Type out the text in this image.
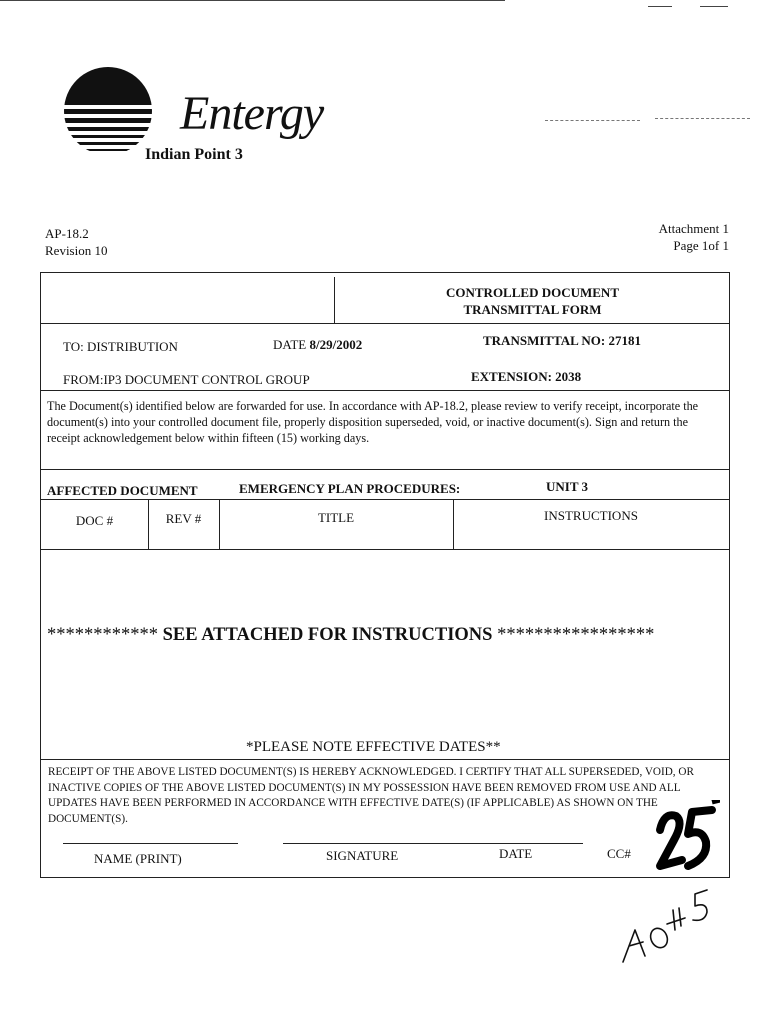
Entergy
Indian Point 3
AP-18.2
Revision 10
Attachment 1
Page 1of 1
CONTROLLED DOCUMENT
TRANSMITTAL FORM
TO: DISTRIBUTION	DATE 8/29/2002	TRANSMITTAL NO: 27181
FROM:IP3 DOCUMENT CONTROL GROUP	EXTENSION: 2038
The Document(s) identified below are forwarded for use. In accordance with AP-18.2, please review to verify receipt, incorporate the document(s) into your controlled document file, properly disposition superseded, void, or inactive document(s). Sign and return the receipt acknowledgement below within fifteen (15) working days.
AFFECTED DOCUMENT	EMERGENCY PLAN PROCEDURES:	UNIT 3
DOC #	REV #	TITLE	INSTRUCTIONS
************ SEE ATTACHED FOR INSTRUCTIONS *****************
*PLEASE NOTE EFFECTIVE DATES**
RECEIPT OF THE ABOVE LISTED DOCUMENT(S) IS HEREBY ACKNOWLEDGED. I CERTIFY THAT ALL SUPERSEDED, VOID, OR INACTIVE COPIES OF THE ABOVE LISTED DOCUMENT(S) IN MY POSSESSION HAVE BEEN REMOVED FROM USE AND ALL UPDATES HAVE BEEN PERFORMED IN ACCORDANCE WITH EFFECTIVE DATE(S) (IF APPLICABLE) AS SHOWN ON THE DOCUMENT(S).
NAME (PRINT)	SIGNATURE	DATE	CC#
